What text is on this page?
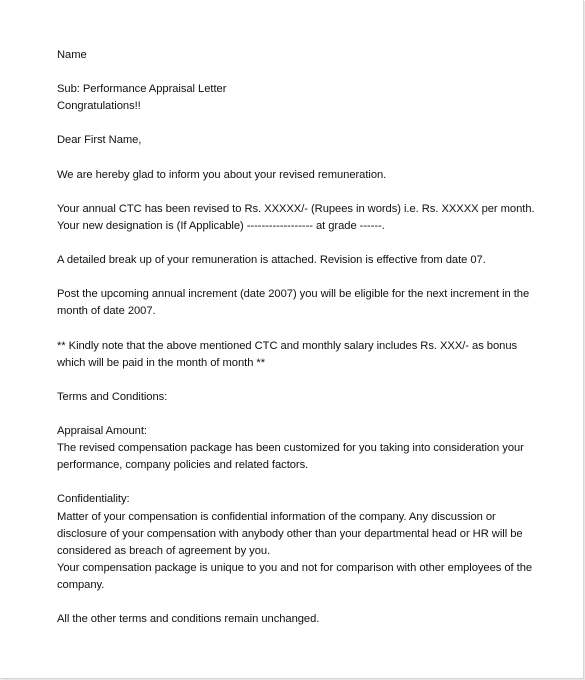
Name
Sub: Performance Appraisal Letter
Congratulations!!
Dear First Name,
We are hereby glad to inform you about your revised remuneration.
Your annual CTC has been revised to Rs. XXXXX/- (Rupees in words) i.e. Rs. XXXXX per month.
Your new designation is (If Applicable) ------------------ at grade ------.
A detailed break up of your remuneration is attached. Revision is effective from date 07.
Post the upcoming annual increment (date 2007) you will be eligible for the next increment in the
month of date 2007.
** Kindly note that the above mentioned CTC and monthly salary includes Rs. XXX/- as bonus
which will be paid in the month of month **
Terms and Conditions:
Appraisal Amount:
The revised compensation package has been customized for you taking into consideration your
performance, company policies and related factors.
Confidentiality:
Matter of your compensation is confidential information of the company. Any discussion or
disclosure of your compensation with anybody other than your departmental head or HR will be
considered as breach of agreement by you.
Your compensation package is unique to you and not for comparison with other employees of the
company.
All the other terms and conditions remain unchanged.
